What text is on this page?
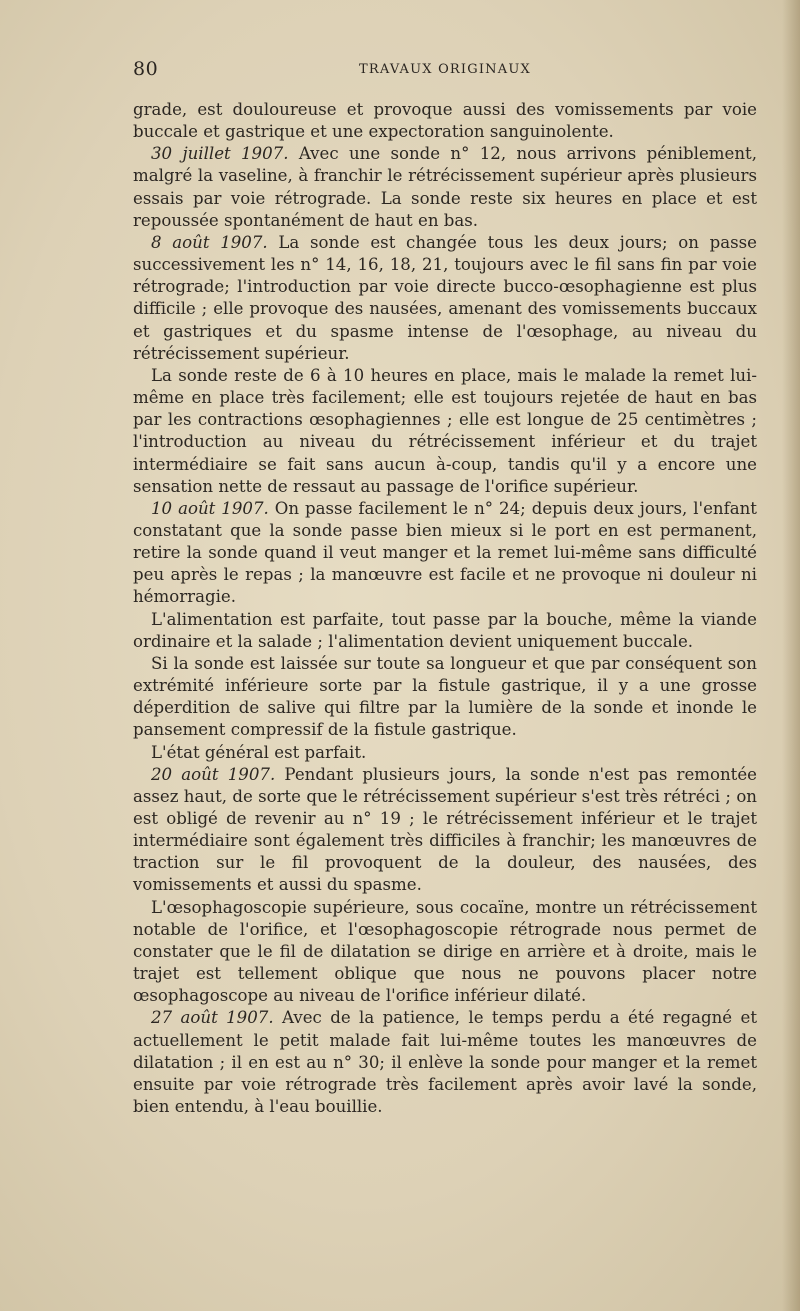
80	TRAVAUX ORIGINAUX

grade, est douloureuse et provoque aussi des vomissements par voie buccale et gastrique et une expectoration sanguinolente.

30 juillet 1907. Avec une sonde n° 12, nous arrivons péniblement, malgré la vaseline, à franchir le rétrécissement supérieur après plusieurs essais par voie rétrograde. La sonde reste six heures en place et est repoussée spontanément de haut en bas.

8 août 1907. La sonde est changée tous les deux jours; on passe successivement les n° 14, 16, 18, 21, toujours avec le fil sans fin par voie rétrograde; l'introduction par voie directe bucco-œsophagienne est plus difficile ; elle provoque des nausées, amenant des vomissements buccaux et gastriques et du spasme intense de l'œsophage, au niveau du rétrécissement supérieur.

La sonde reste de 6 à 10 heures en place, mais le malade la remet lui-même en place très facilement; elle est toujours rejetée de haut en bas par les contractions œsophagiennes ; elle est longue de 25 centimètres ; l'introduction au niveau du rétrécissement inférieur et du trajet intermédiaire se fait sans aucun à-coup, tandis qu'il y a encore une sensation nette de ressaut au passage de l'orifice supérieur.

10 août 1907. On passe facilement le n° 24; depuis deux jours, l'enfant constatant que la sonde passe bien mieux si le port en est permanent, retire la sonde quand il veut manger et la remet lui-même sans difficulté peu après le repas ; la manœuvre est facile et ne provoque ni douleur ni hémorragie.

L'alimentation est parfaite, tout passe par la bouche, même la viande ordinaire et la salade ; l'alimentation devient uniquement buccale.

Si la sonde est laissée sur toute sa longueur et que par conséquent son extrémité inférieure sorte par la fistule gastrique, il y a une grosse déperdition de salive qui filtre par la lumière de la sonde et inonde le pansement compressif de la fistule gastrique.

L'état général est parfait.

20 août 1907. Pendant plusieurs jours, la sonde n'est pas remontée assez haut, de sorte que le rétrécissement supérieur s'est très rétréci ; on est obligé de revenir au n° 19 ; le rétrécissement inférieur et le trajet intermédiaire sont également très difficiles à franchir; les manœuvres de traction sur le fil provoquent de la douleur, des nausées, des vomissements et aussi du spasme.

L'œsophagoscopie supérieure, sous cocaïne, montre un rétrécissement notable de l'orifice, et l'œsophagoscopie rétrograde nous permet de constater que le fil de dilatation se dirige en arrière et à droite, mais le trajet est tellement oblique que nous ne pouvons placer notre œsophagoscope au niveau de l'orifice inférieur dilaté.

27 août 1907. Avec de la patience, le temps perdu a été regagné et actuellement le petit malade fait lui-même toutes les manœuvres de dilatation ; il en est au n° 30; il enlève la sonde pour manger et la remet ensuite par voie rétrograde très facilement après avoir lavé la sonde, bien entendu, à l'eau bouillie.
